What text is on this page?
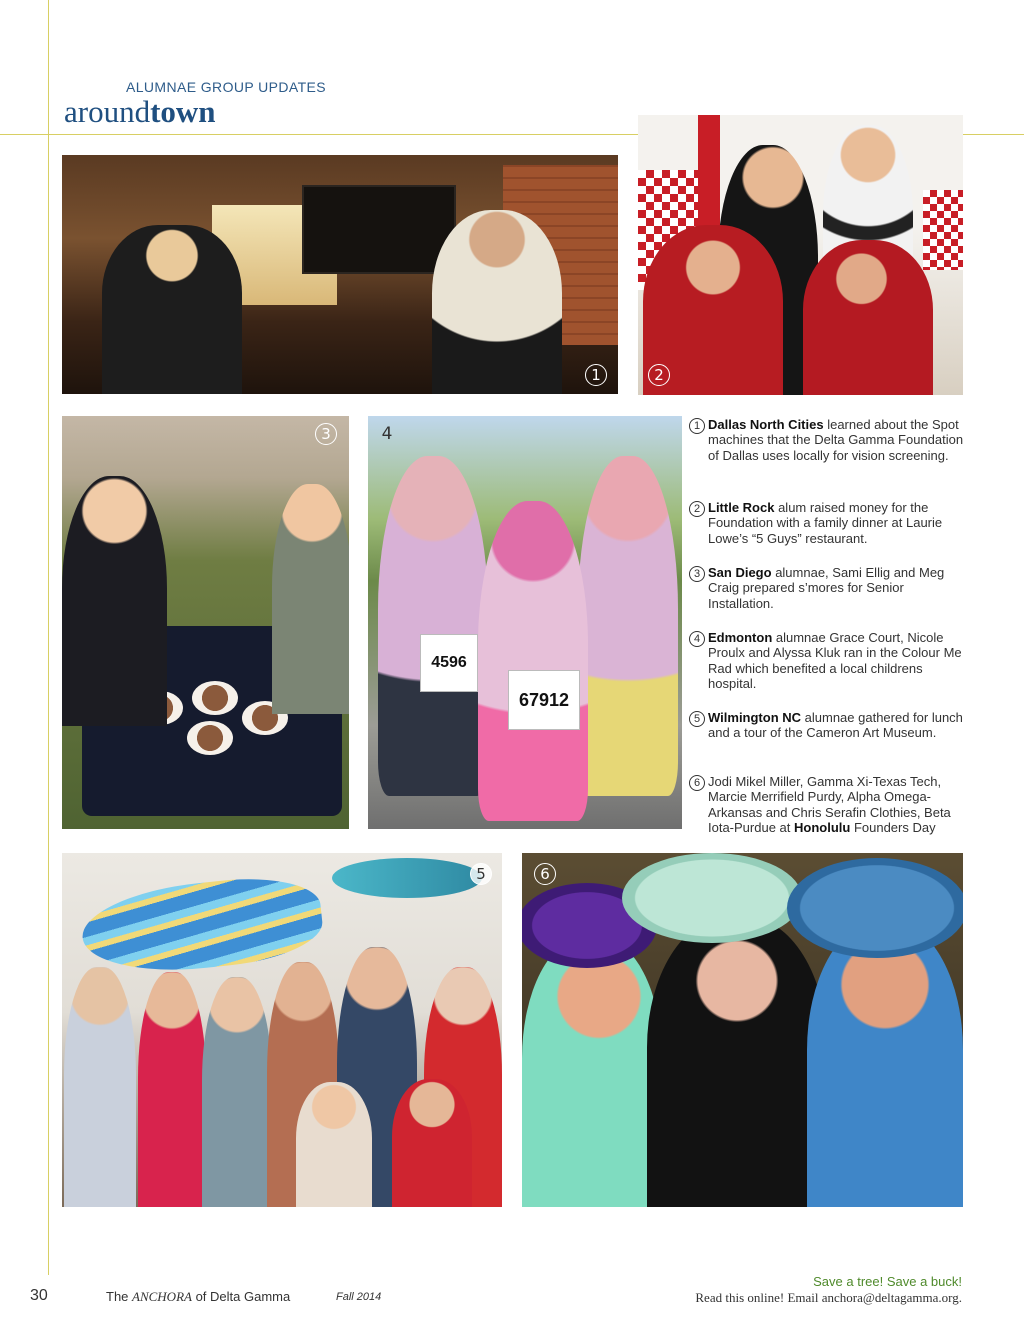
ALUMNAE GROUP UPDATES
aroundtown
1	2
3
4596
67912
4	1 Dallas North Cities learned about the Spot machines that the Delta Gamma Foundation of Dallas uses locally for vision screening.

2 Little Rock alum raised money for the Foundation with a family dinner at Laurie Lowe’s “5 Guys” restaurant.

3 San Diego alumnae, Sami Ellig and Meg Craig prepared s’mores for Senior Installation.

4 Edmonton alumnae Grace Court, Nicole Proulx and Alyssa Kluk ran in the Colour Me Rad which benefited a local childrens hospital.

5 Wilmington NC alumnae gathered for lunch and a tour of the Cameron Art Museum.

6 Jodi Mikel Miller, Gamma Xi-Texas Tech, Marcie Merrifield Purdy, Alpha Omega-Arkansas and Chris Serafin Clothies, Beta Iota-Purdue at Honolulu Founders Day

5	6
30	The ANCHORA of Delta Gamma	Fall 2014
Save a tree! Save a buck!
Read this online! Email anchora@deltagamma.org.
